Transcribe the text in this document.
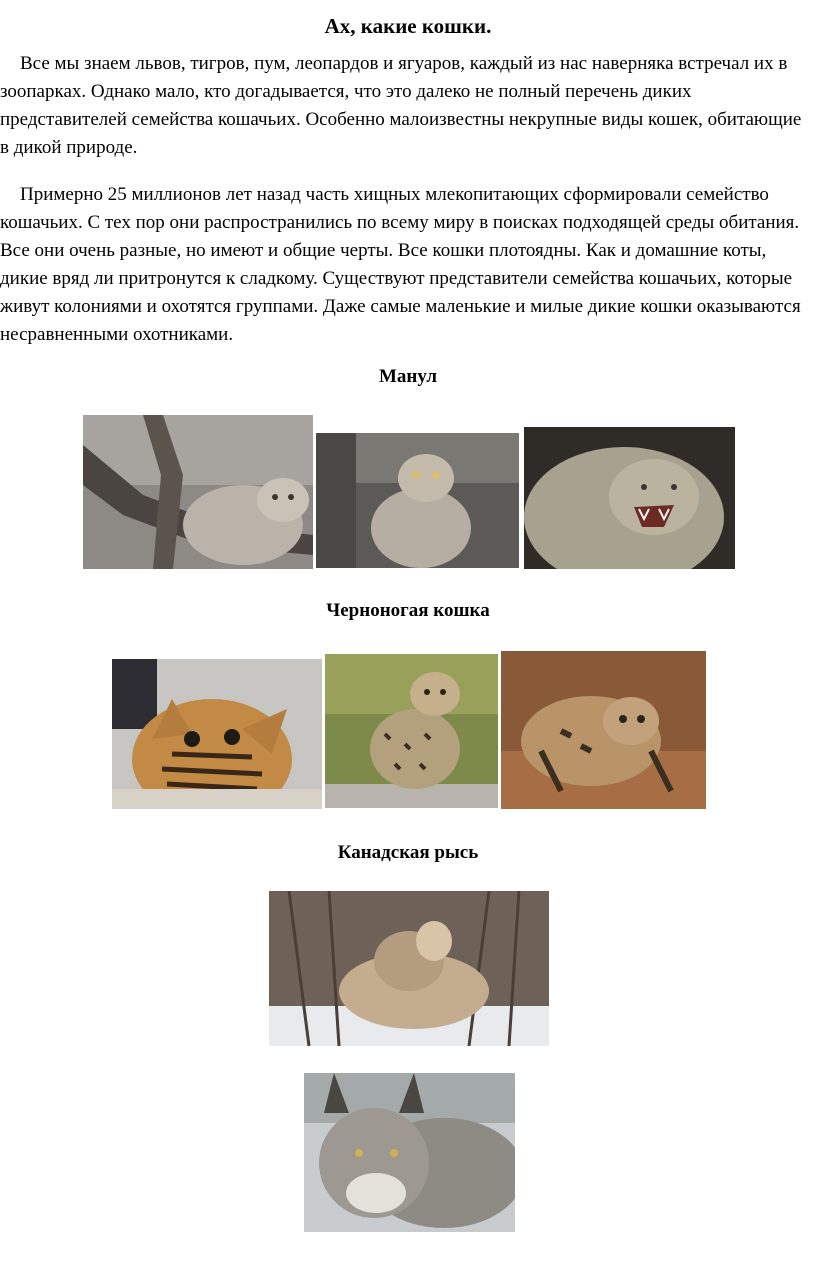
Ах, какие кошки.

Все мы знаем львов, тигров, пум, леопардов и ягуаров, каждый из нас наверняка встречал их в зоопарках. Однако мало, кто догадывается, что это далеко не полный перечень диких представителей семейства кошачьих. Особенно малоизвестны некрупные виды кошек, обитающие в дикой природе.

Примерно 25 миллионов лет назад часть хищных млекопитающих сформировали семейство кошачьих. С тех пор они распространились по всему миру в поисках подходящей среды обитания. Все они очень разные, но имеют и общие черты. Все кошки плотоядны. Как и домашние коты, дикие вряд ли притронутся к сладкому. Существуют представители семейства кошачьих, которые живут колониями и охотятся группами. Даже самые маленькие и милые дикие кошки оказываются несравненными охотниками.

Манул
Черноногая кошка
Канадская рысь
